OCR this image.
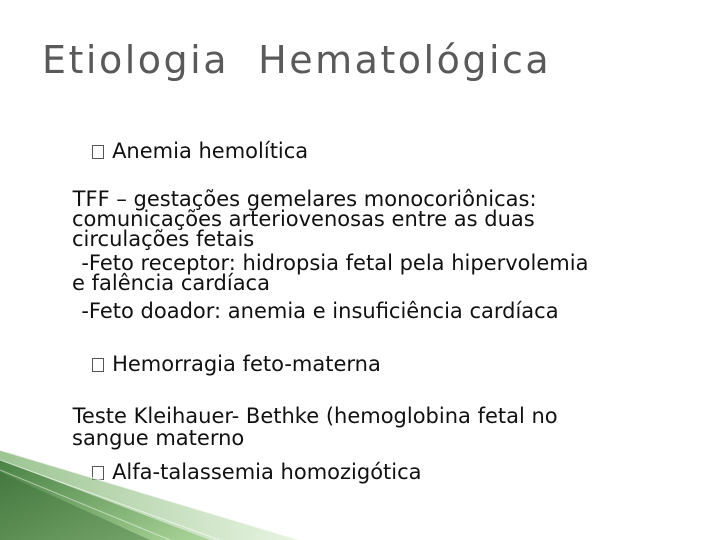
Etiologia  Hematológica

Anemia hemolítica

TFF – gestações gemelares monocoriônicas:
comunicações arteriovenosas entre as duas
circulações fetais
-Feto receptor: hidropsia fetal pela hipervolemia
e falência cardíaca
-Feto doador: anemia e insuficiência cardíaca

Hemorragia feto-materna

Teste Kleihauer- Bethke (hemoglobina fetal no
sangue materno

Alfa-talassemia homozigótica
